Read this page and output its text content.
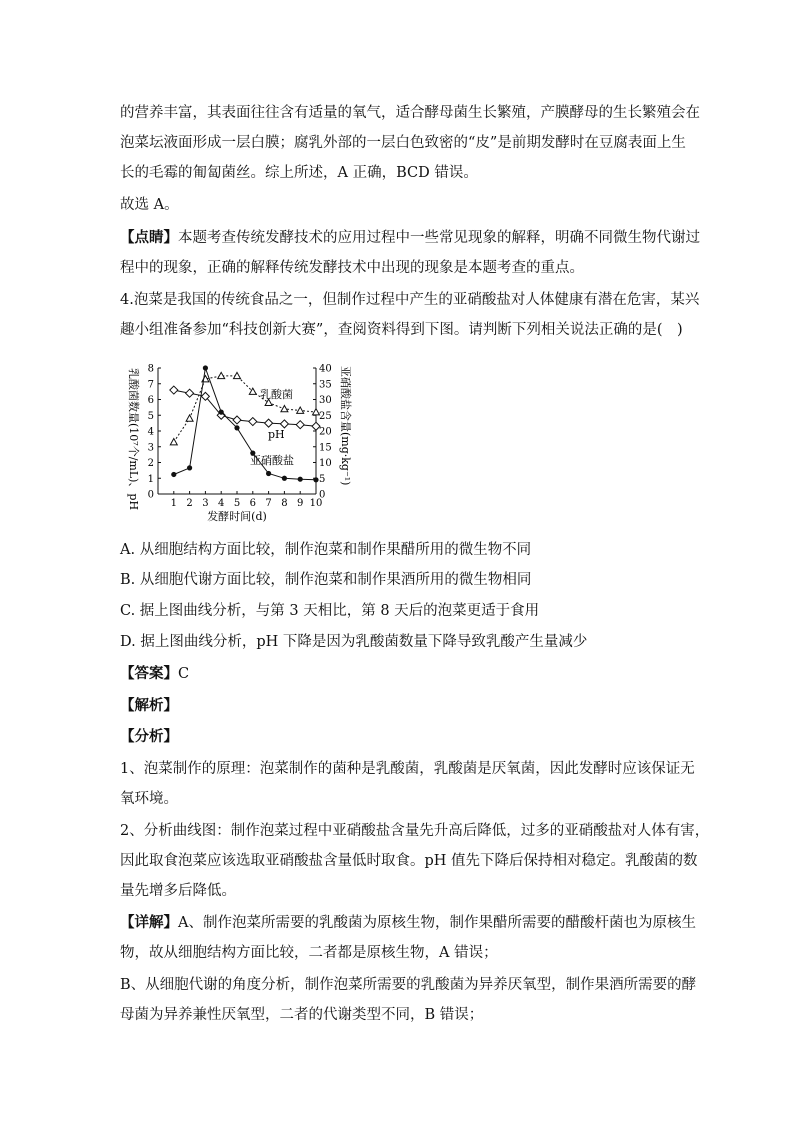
的营养丰富，其表面往往含有适量的氧气，适合酵母菌生长繁殖，产膜酵母的生长繁殖会在
泡菜坛液面形成一层白膜；腐乳外部的一层白色致密的“皮”是前期发酵时在豆腐表面上生
长的毛霉的匍匐菌丝。综上所述，A 正确，BCD 错误。
故选 A。
【点睛】本题考查传统发酵技术的应用过程中一些常见现象的解释，明确不同微生物代谢过
程中的现象，正确的解释传统发酵技术中出现的现象是本题考查的重点。
4.泡菜是我国的传统食品之一，但制作过程中产生的亚硝酸盐对人体健康有潜在危害，某兴
趣小组准备参加“科技创新大赛”，查阅资料得到下图。请判断下列相关说法正确的是(　)
乳酸菌数量(10⁷个/mL)、pH	亚硝酸盐含量(mg·kg⁻¹)
发酵时间(d)
1 2 3 4 5 6 7 8 9 10
0
1
2
3
4
5
6
7
8
0
5
10
15
20
25
30
35
40
乳酸菌
pH
亚硝酸盐
A. 从细胞结构方面比较，制作泡菜和制作果醋所用的微生物不同
B. 从细胞代谢方面比较，制作泡菜和制作果酒所用的微生物相同
C. 据上图曲线分析，与第 3 天相比，第 8 天后的泡菜更适于食用
D. 据上图曲线分析，pH 下降是因为乳酸菌数量下降导致乳酸产生量减少
【答案】C
【解析】
【分析】
1、泡菜制作的原理：泡菜制作的菌种是乳酸菌，乳酸菌是厌氧菌，因此发酵时应该保证无
氧环境。
2、分析曲线图：制作泡菜过程中亚硝酸盐含量先升高后降低，过多的亚硝酸盐对人体有害，
因此取食泡菜应该选取亚硝酸盐含量低时取食。pH 值先下降后保持相对稳定。乳酸菌的数
量先增多后降低。
【详解】A、制作泡菜所需要的乳酸菌为原核生物，制作果醋所需要的醋酸杆菌也为原核生
物，故从细胞结构方面比较，二者都是原核生物，A 错误；
B、从细胞代谢的角度分析，制作泡菜所需要的乳酸菌为异养厌氧型，制作果酒所需要的酵
母菌为异养兼性厌氧型，二者的代谢类型不同，B 错误；
